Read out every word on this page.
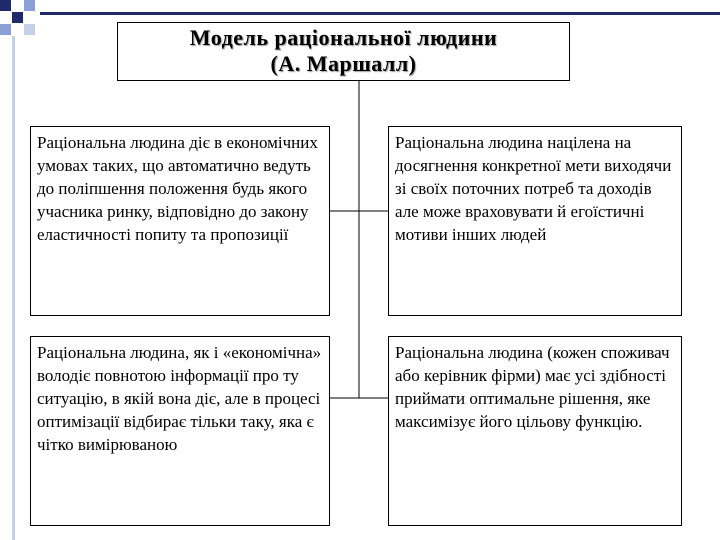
Модель раціональної людини
(А. Маршалл)
Раціональна людина діє в економічних умовах таких, що автоматично ведуть до поліпшення положення будь якого учасника ринку, відповідно до закону еластичності попиту та пропозиції
Раціональна людина націлена на досягнення конкретної мети виходячи зі своїх поточних потреб та доходів але може враховувати й егоїстичні мотиви інших людей
Раціональна людина, як і «економічна» володіє повнотою інформації про ту ситуацію, в якій вона діє, але в процесі оптимізації відбирає тільки таку, яка є чітко вимірюваною
Раціональна людина (кожен споживач або керівник фірми) має усі здібності приймати оптимальне рішення, яке максимізує його цільову функцію.
